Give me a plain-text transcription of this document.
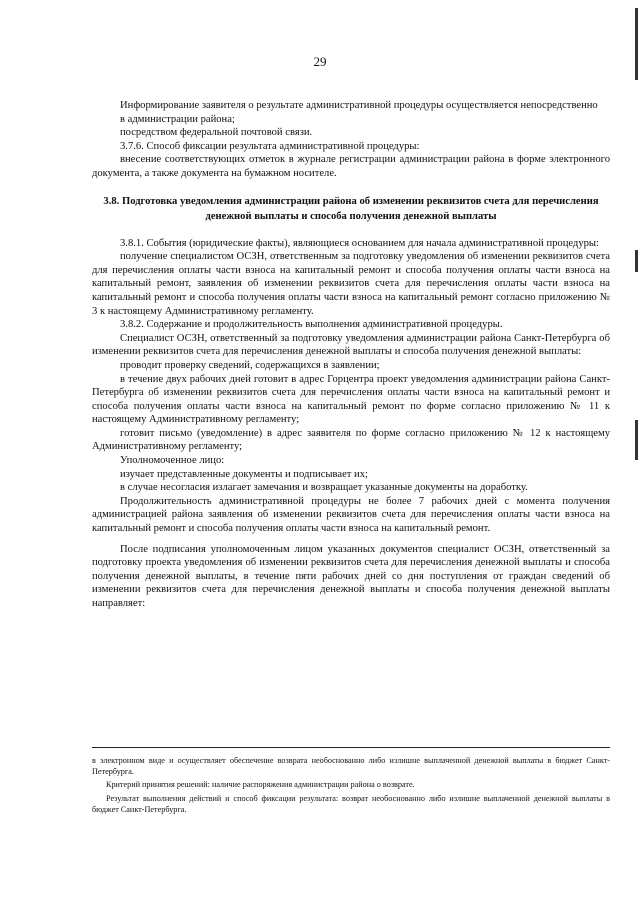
29

Информирование заявителя о результате административной процедуры осуществляется непосредственно

в администрации района;

посредством федеральной почтовой связи.

3.7.6. Способ фиксации результата административной процедуры:

внесение соответствующих отметок в журнале регистрации администрации района в форме электронного документа, а также документа на бумажном носителе.

3.8. Подготовка уведомления администрации района об изменении реквизитов счета для перечисления денежной выплаты и способа получения денежной выплаты

3.8.1. События (юридические факты), являющиеся основанием для начала административной процедуры:

получение специалистом ОСЗН, ответственным за подготовку уведомления об изменении реквизитов счета для перечисления оплаты части взноса на капитальный ремонт и способа получения оплаты части взноса на капитальный ремонт, заявления об изменении реквизитов счета для перечисления оплаты части взноса на капитальный ремонт и способа получения оплаты части взноса на капитальный ремонт согласно приложению № 3 к настоящему Административному регламенту.

3.8.2. Содержание и продолжительность выполнения административной процедуры.

Специалист ОСЗН, ответственный за подготовку уведомления администрации района Санкт-Петербурга об изменении реквизитов счета для перечисления денежной выплаты и способа получения денежной выплаты:

проводит проверку сведений, содержащихся в заявлении;

в течение двух рабочих дней готовит в адрес Горцентра проект уведомления администрации района Санкт-Петербурга об изменении реквизитов счета для перечисления оплаты части взноса на капитальный ремонт и способа получения оплаты части взноса на капитальный ремонт по форме согласно приложению № 11 к настоящему Административному регламенту;

готовит письмо (уведомление) в адрес заявителя по форме согласно приложению № 12 к настоящему Административному регламенту;

Уполномоченное лицо:

изучает представленные документы и подписывает их;

в случае несогласия излагает замечания и возвращает указанные документы на доработку.

Продолжительность административной процедуры не более 7 рабочих дней с момента получения администрацией района заявления об изменении реквизитов счета для перечисления оплаты части взноса на капитальный ремонт и способа получения оплаты части взноса на капитальный ремонт.

После подписания уполномоченным лицом указанных документов специалист ОСЗН, ответственный за подготовку проекта уведомления об изменении реквизитов счета для перечисления денежной выплаты и способа получения денежной выплаты, в течение пяти рабочих дней со дня поступления от граждан сведений об изменении реквизитов счета для перечисления денежной выплаты и способа получения денежной выплаты направляет:

в электронном виде и осуществляет обеспечение возврата необоснованно либо излишне выплаченной денежной выплаты в бюджет Санкт-Петербурга.

Критерий принятия решений: наличие распоряжения администрации района о возврате.

Результат выполнения действий и способ фиксации результата: возврат необоснованно либо излишне выплаченной денежной выплаты в бюджет Санкт-Петербурга.
